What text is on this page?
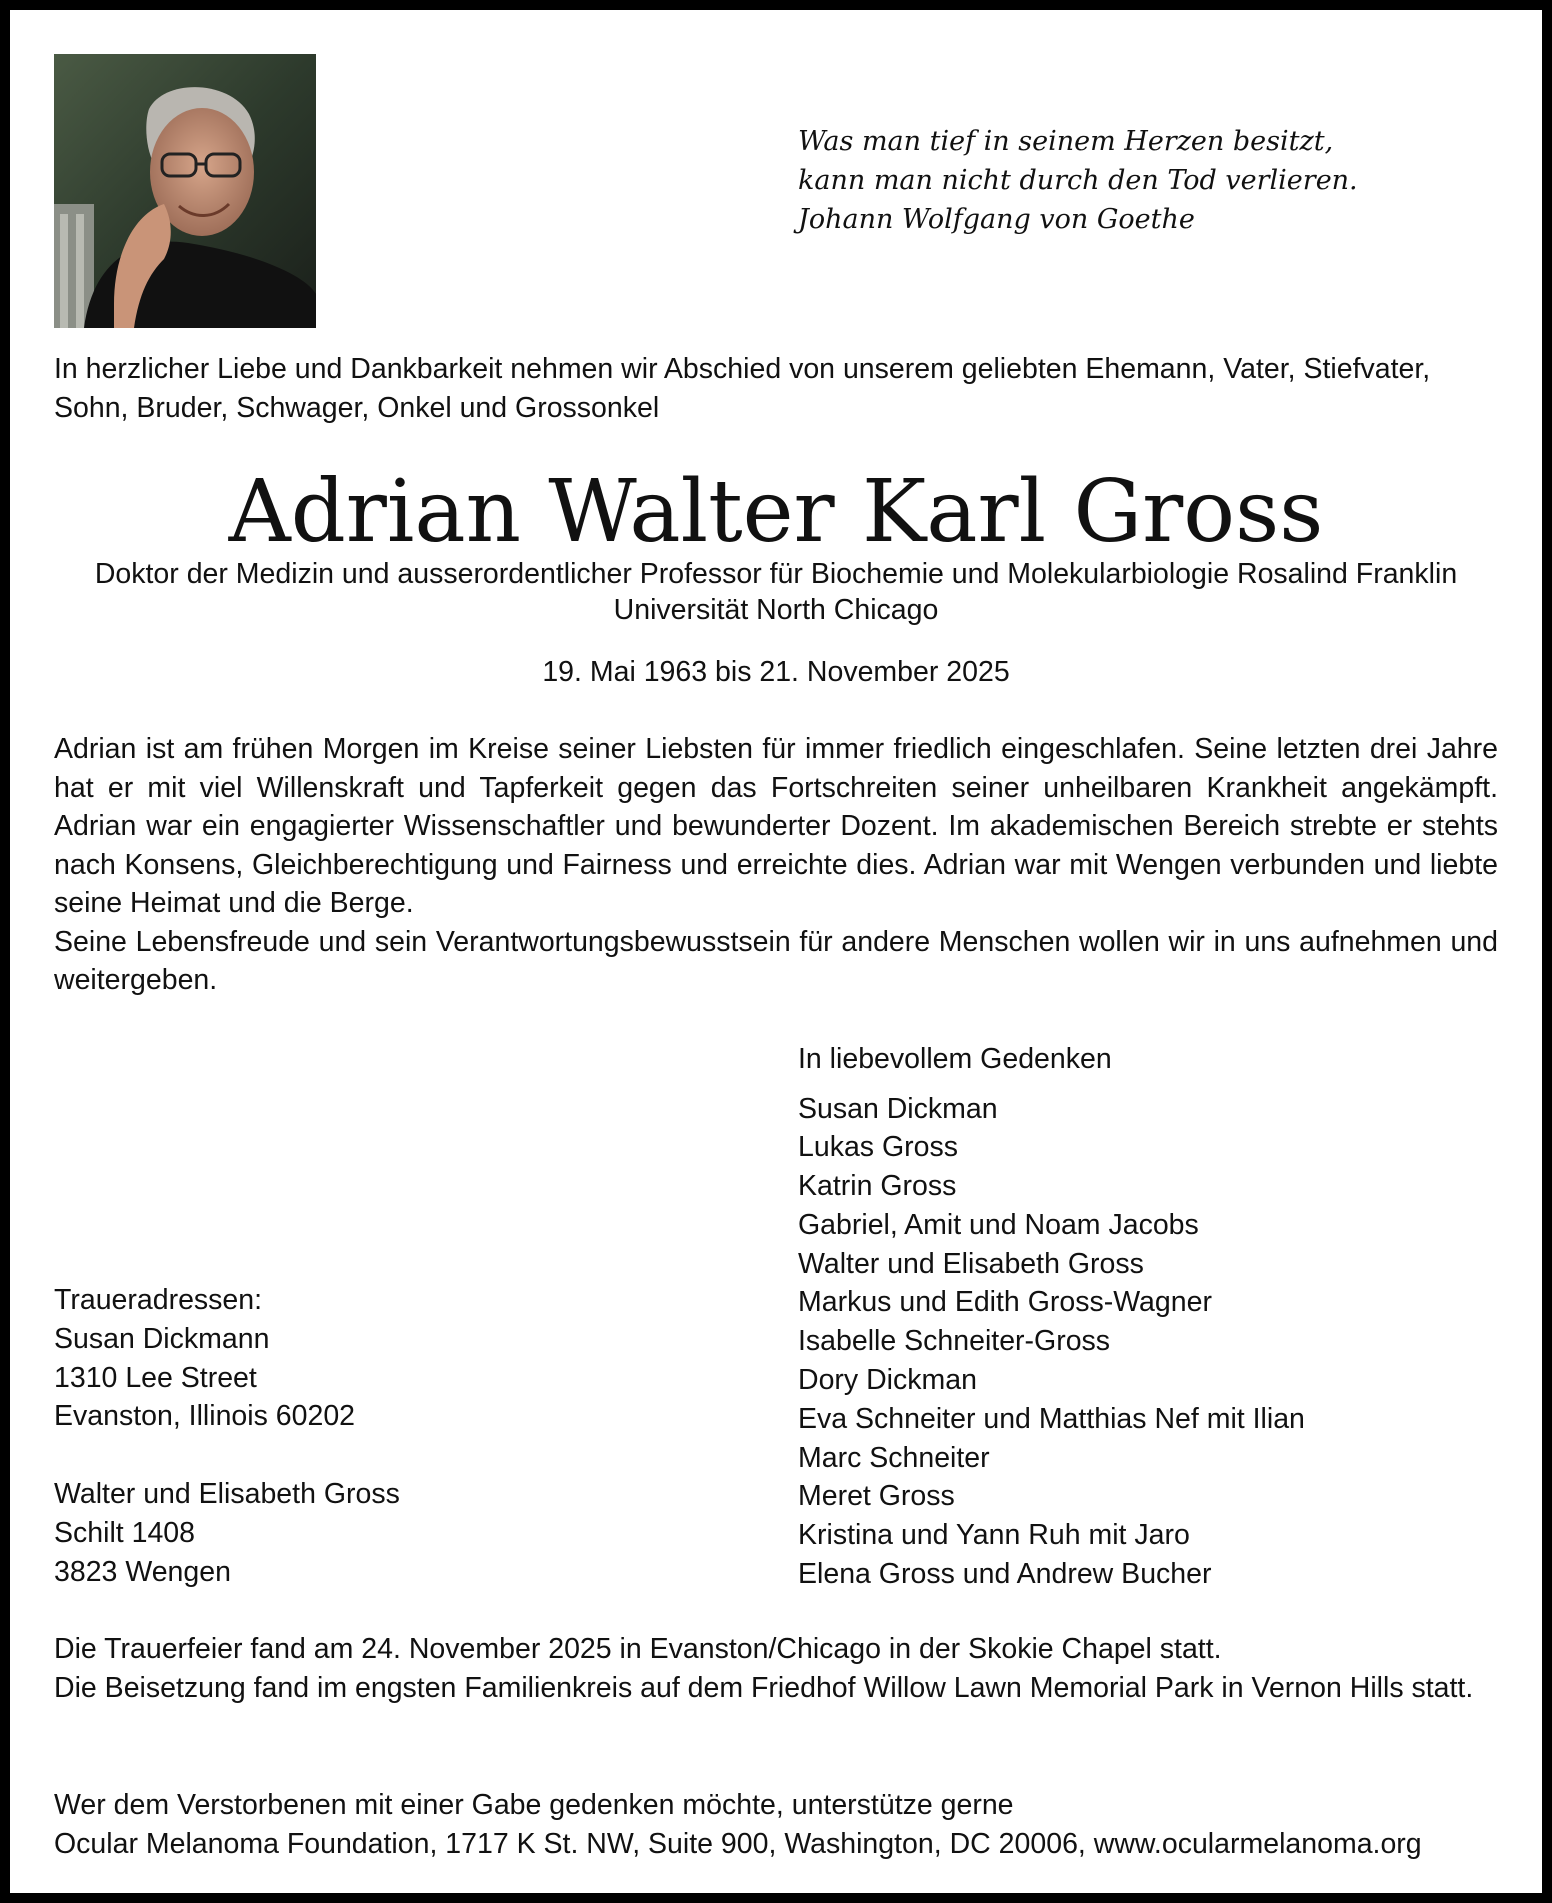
Was man tief in seinem Herzen besitzt,
kann man nicht durch den Tod verlieren.
Johann Wolfgang von Goethe
In herzlicher Liebe und Dankbarkeit nehmen wir Abschied von unserem geliebten Ehemann, Vater, Stiefvater, Sohn, Bruder, Schwager, Onkel und Grossonkel
Adrian Walter Karl Gross
Doktor der Medizin und ausserordentlicher Professor für Biochemie und Molekularbiologie Rosalind Franklin Universität North Chicago
19. Mai 1963 bis 21. November 2025

Adrian ist am frühen Morgen im Kreise seiner Liebsten für immer friedlich eingeschlafen. Seine letzten drei Jahre hat er mit viel Willenskraft und Tapferkeit gegen das Fortschreiten seiner unheilbaren Krankheit angekämpft. Adrian war ein engagierter Wissenschaftler und bewunderter Dozent. Im akademischen Bereich strebte er stehts nach Konsens, Gleichberechtigung und Fairness und erreichte dies. Adrian war mit Wengen verbunden und liebte seine Heimat und die Berge.

Seine Lebensfreude und sein Verantwortungsbewusstsein für andere Menschen wollen wir in uns aufnehmen und weitergeben.

In liebevollem Gedenken
Susan Dickman
Lukas Gross
Katrin Gross
Gabriel, Amit und Noam Jacobs
Walter und Elisabeth Gross
Markus und Edith Gross-Wagner
Isabelle Schneiter-Gross
Dory Dickman
Eva Schneiter und Matthias Nef mit Ilian
Marc Schneiter
Meret Gross
Kristina und Yann Ruh mit Jaro
Elena Gross und Andrew Bucher
Traueradressen:
Susan Dickmann
1310 Lee Street
Evanston, Illinois 60202
Walter und Elisabeth Gross
Schilt 1408
3823 Wengen

Die Trauerfeier fand am 24. November 2025 in Evanston/Chicago in der Skokie Chapel statt.

Die Beisetzung fand im engsten Familienkreis auf dem Friedhof Willow Lawn Memorial Park in Vernon Hills statt.

Wer dem Verstorbenen mit einer Gabe gedenken möchte, unterstütze gerne
Ocular Melanoma Foundation, 1717 K St. NW, Suite 900, Washington, DC 20006, www.ocularmelanoma.org
